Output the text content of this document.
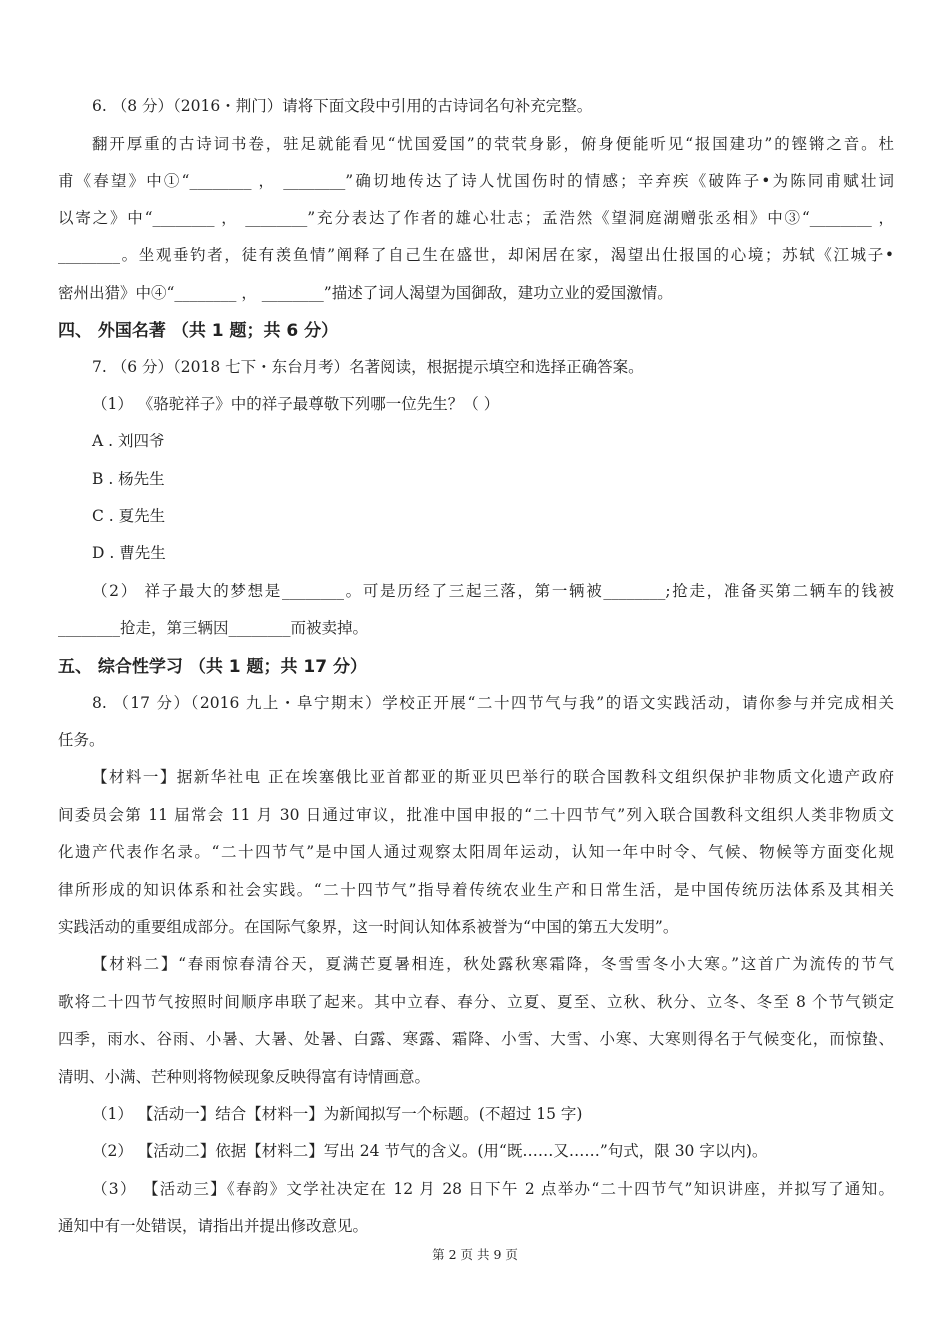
6. （8 分）（2016・荆门）请将下面文段中引用的古诗词名句补充完整。
翻开厚重的古诗词书卷，驻足就能看见“忧国爱国”的茕茕身影，俯身便能听见“报国建功”的铿锵之音。杜
甫《春望》中①“________ ， ________”确切地传达了诗人忧国伤时的情感；辛弃疾《破阵子•为陈同甫赋壮词
以寄之》中“________ ， ________”充分表达了作者的雄心壮志；孟浩然《望洞庭湖赠张丞相》中③“________ ，
________。坐观垂钓者，徒有羡鱼情”阐释了自己生在盛世，却闲居在家，渴望出仕报国的心境；苏轼《江城子•
密州出猎》中④“________ ， ________”描述了词人渴望为国御敌，建功立业的爱国激情。
四、 外国名著 （共 1 题；共 6 分）
7. （6 分）（2018 七下・东台月考）名著阅读，根据提示填空和选择正确答案。
（1） 《骆驼祥子》中的祥子最尊敬下列哪一位先生？（ ）
A . 刘四爷
B . 杨先生
C . 夏先生
D . 曹先生
（2） 祥子最大的梦想是________。可是历经了三起三落，第一辆被________;抢走，准备买第二辆车的钱被
________抢走，第三辆因________而被卖掉。
五、 综合性学习 （共 1 题；共 17 分）
8. （17 分）（2016 九上・阜宁期末）学校正开展“二十四节气与我”的语文实践活动，请你参与并完成相关
任务。
【材料一】据新华社电 正在埃塞俄比亚首都亚的斯亚贝巴举行的联合国教科文组织保护非物质文化遗产政府
间委员会第 11 届常会 11 月 30 日通过审议，批准中国申报的“二十四节气”列入联合国教科文组织人类非物质文
化遗产代表作名录。“二十四节气”是中国人通过观察太阳周年运动，认知一年中时令、气候、物候等方面变化规
律所形成的知识体系和社会实践。“二十四节气”指导着传统农业生产和日常生活，是中国传统历法体系及其相关
实践活动的重要组成部分。在国际气象界，这一时间认知体系被誉为“中国的第五大发明”。
【材料二】“春雨惊春清谷天，夏满芒夏暑相连，秋处露秋寒霜降，冬雪雪冬小大寒。”这首广为流传的节气
歌将二十四节气按照时间顺序串联了起来。其中立春、春分、立夏、夏至、立秋、秋分、立冬、冬至 8 个节气锁定
四季，雨水、谷雨、小暑、大暑、处暑、白露、寒露、霜降、小雪、大雪、小寒、大寒则得名于气候变化，而惊蛰、
清明、小满、芒种则将物候现象反映得富有诗情画意。
（1） 【活动一】结合【材料一】为新闻拟写一个标题。(不超过 15 字)
（2） 【活动二】依据【材料二】写出 24 节气的含义。(用“既……又……”句式，限 30 字以内)。
（3） 【活动三】《春韵》文学社决定在 12 月 28 日下午 2 点举办“二十四节气”知识讲座，并拟写了通知。
通知中有一处错误，请指出并提出修改意见。
第 2 页 共 9 页
